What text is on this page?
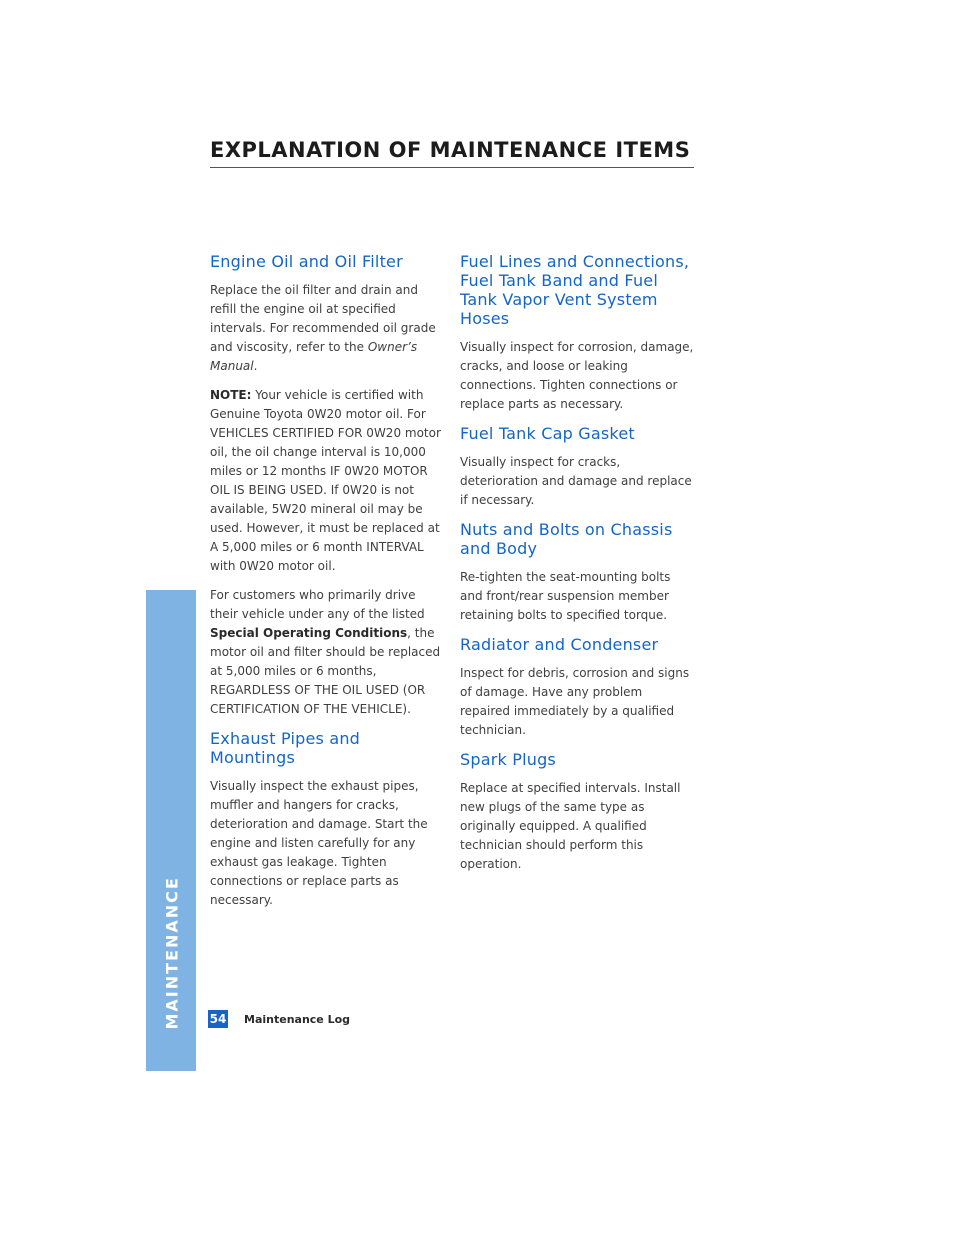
MAINTENANCE
EXPLANATION OF MAINTENANCE ITEMS
Engine Oil and Oil Filter

Replace the oil filter and drain and refill the engine oil at specified intervals. For recommended oil grade and viscosity, refer to the Owner’s Manual.

NOTE: Your vehicle is certified with Genuine Toyota 0W20 motor oil. For VEHICLES CERTIFIED FOR 0W20 motor oil, the oil change interval is 10,000 miles or 12 months IF 0W20 MOTOR OIL IS BEING USED. If 0W20 is not available, 5W20 mineral oil may be used. However, it must be replaced at A 5,000 miles or 6 month INTERVAL with 0W20 motor oil.

For customers who primarily drive their vehicle under any of the listed Special Operating Conditions, the motor oil and filter should be replaced at 5,000 miles or 6 months, REGARDLESS OF THE OIL USED (OR CERTIFICATION OF THE VEHICLE).

Exhaust Pipes and Mountings

Visually inspect the exhaust pipes, muffler and hangers for cracks, deterioration and damage. Start the engine and listen carefully for any exhaust gas leakage. Tighten connections or replace parts as necessary.

Fuel Lines and Connections, Fuel Tank Band and Fuel Tank Vapor Vent System Hoses

Visually inspect for corrosion, damage, cracks, and loose or leaking connections. Tighten connections or replace parts as necessary.

Fuel Tank Cap Gasket

Visually inspect for cracks, deterioration and damage and replace if necessary.

Nuts and Bolts on Chassis and Body

Re-tighten the seat-mounting bolts and front/rear suspension member retaining bolts to specified torque.

Radiator and Condenser

Inspect for debris, corrosion and signs of damage. Have any problem repaired immediately by a qualified technician.

Spark Plugs

Replace at specified intervals. Install new plugs of the same type as originally equipped. A qualified technician should perform this operation.

54 Maintenance Log
